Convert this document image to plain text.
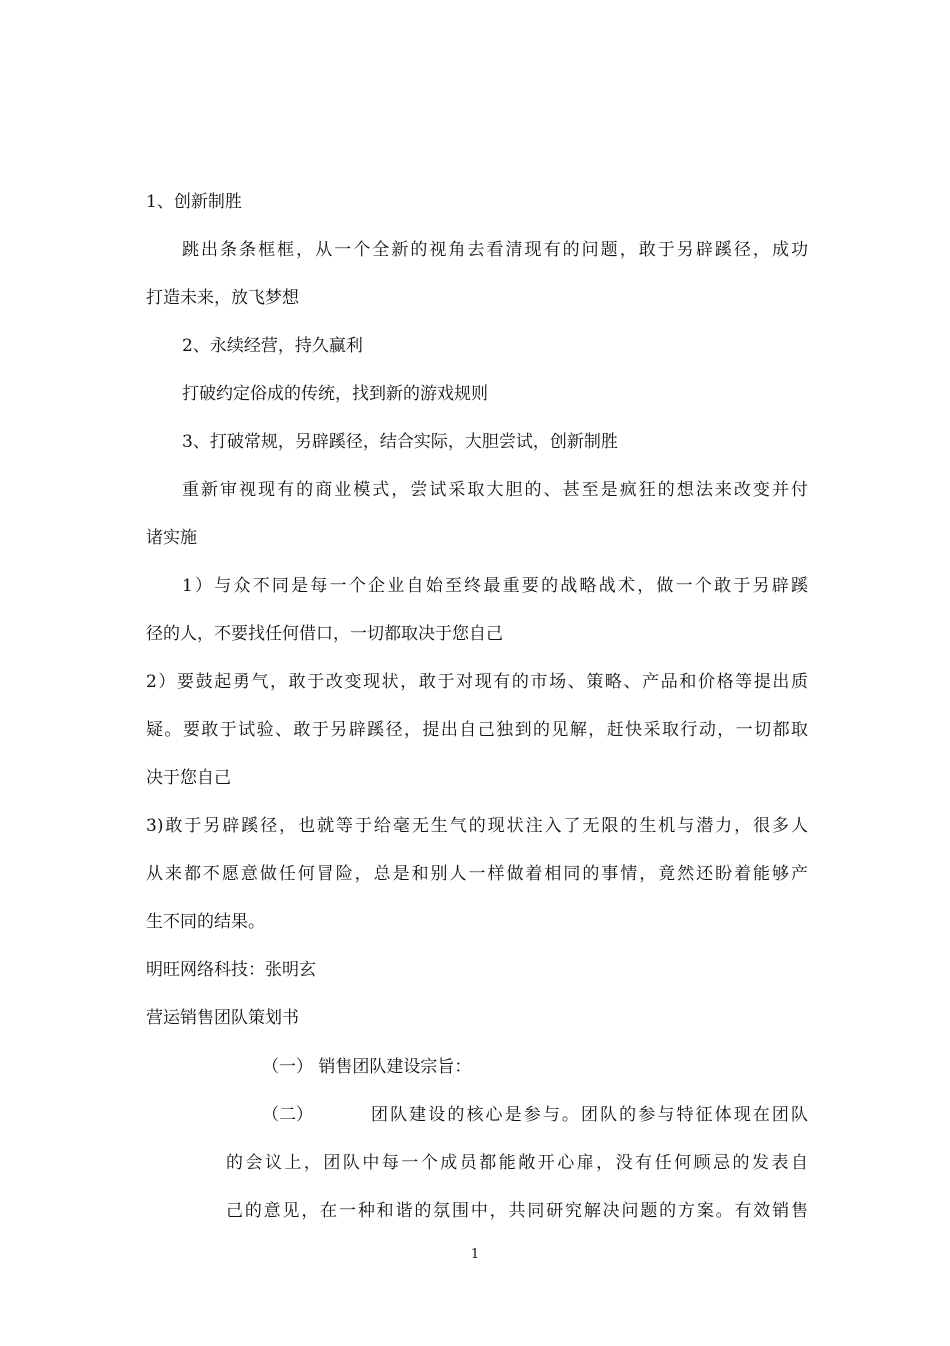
1、创新制胜
跳出条条框框，从一个全新的视角去看清现有的问题，敢于另辟蹊径，成功
打造未来，放飞梦想
2、永续经营，持久赢利
打破约定俗成的传统，找到新的游戏规则
3、打破常规，另辟蹊径，结合实际，大胆尝试，创新制胜
重新审视现有的商业模式，尝试采取大胆的、甚至是疯狂的想法来改变并付
诸实施
1）与众不同是每一个企业自始至终最重要的战略战术，做一个敢于另辟蹊
径的人，不要找任何借口，一切都取决于您自己
2）要鼓起勇气，敢于改变现状，敢于对现有的市场、策略、产品和价格等提出质
疑。要敢于试验、敢于另辟蹊径，提出自己独到的见解，赶快采取行动，一切都取
决于您自己
3)敢于另辟蹊径，也就等于给毫无生气的现状注入了无限的生机与潜力，很多人
从来都不愿意做任何冒险，总是和别人一样做着相同的事情，竟然还盼着能够产
生不同的结果。
明旺网络科技：张明玄
营运销售团队策划书
（一） 销售团队建设宗旨：
（二）	团队建设的核心是参与。团队的参与特征体现在团队
的会议上，团队中每一个成员都能敞开心扉，没有任何顾忌的发表自
己的意见，在一种和谐的氛围中，共同研究解决问题的方案。有效销售
1
